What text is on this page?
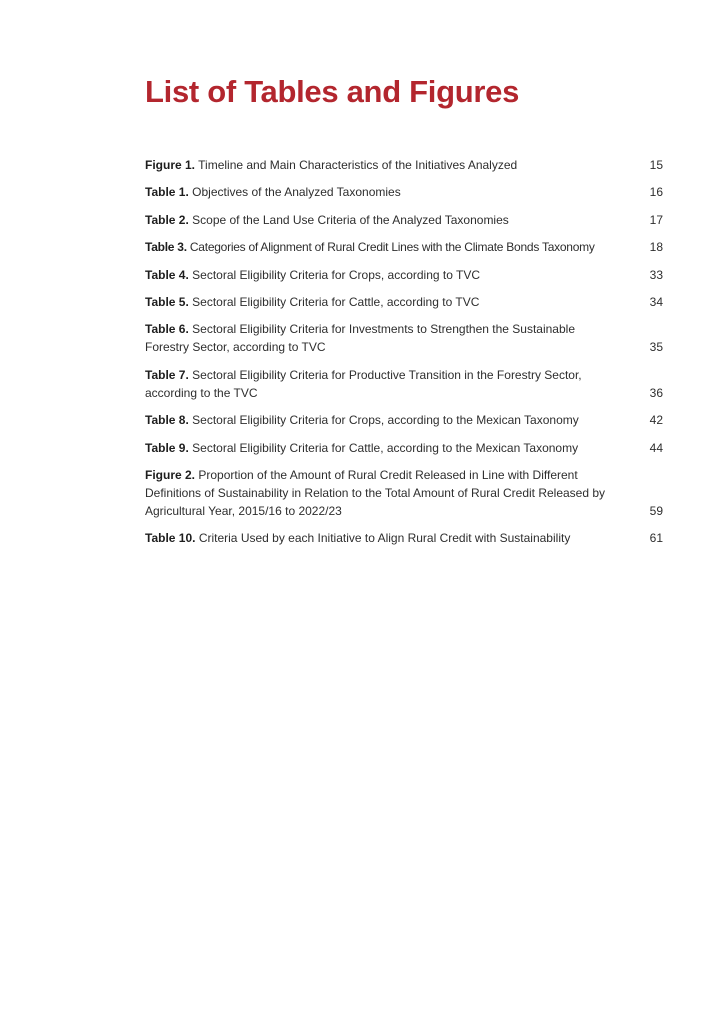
List of Tables and Figures
Figure 1. Timeline and Main Characteristics of the Initiatives Analyzed	15
Table 1. Objectives of the Analyzed Taxonomies	16
Table 2. Scope of the Land Use Criteria of the Analyzed Taxonomies	17
Table 3. Categories of Alignment of Rural Credit Lines with the Climate Bonds Taxonomy	18
Table 4. Sectoral Eligibility Criteria for Crops, according to TVC	33
Table 5. Sectoral Eligibility Criteria for Cattle, according to TVC	34
Table 6. Sectoral Eligibility Criteria for Investments to Strengthen the Sustainable Forestry Sector, according to TVC	35
Table 7. Sectoral Eligibility Criteria for Productive Transition in the Forestry Sector, according to the TVC	36
Table 8. Sectoral Eligibility Criteria for Crops, according to the Mexican Taxonomy	42
Table 9. Sectoral Eligibility Criteria for Cattle, according to the Mexican Taxonomy	44
Figure 2. Proportion of the Amount of Rural Credit Released in Line with Different Definitions of Sustainability in Relation to the Total Amount of Rural Credit Released by Agricultural Year, 2015/16 to 2022/23	59
Table 10. Criteria Used by each Initiative to Align Rural Credit with Sustainability	61
